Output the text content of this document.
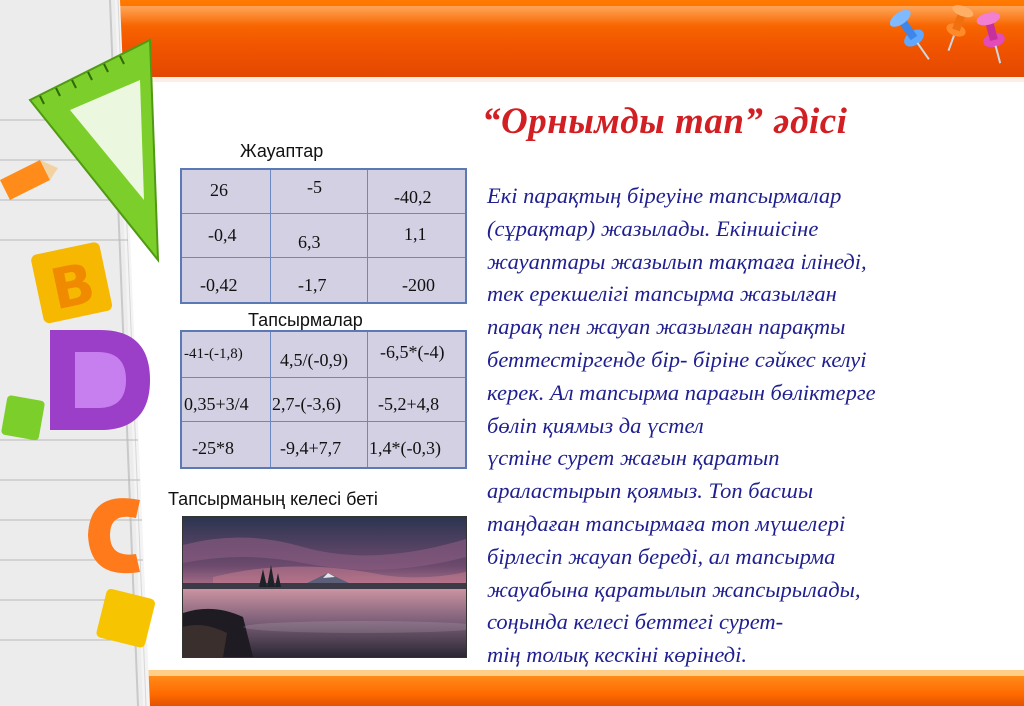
B
“Орнымды тап” әдісі
Жауаптар
26	-5	-40,2
-0,4	6,3	1,1
-0,42	-1,7	-200
Тапсырмалар
-41-(-1,8) 4,5/(-0,9) -6,5*(-4)
0,35+3/4 2,7-(-3,6) -5,2+4,8
-25*8	-9,4+7,7 1,4*(-0,3)
Тапсырманың келесі беті
Екі парақтың біреуіне тапсырмалар
(сұрақтар) жазылады. Екіншісіне
жауаптары жазылып тақтаға ілінеді,
тек ерекшелігі тапсырма жазылған
парақ пен жауап жазылған парақты
беттестіргенде бір- біріне сәйкес келуі
керек. Ал тапсырма парағын бөліктерге
бөліп қиямыз да үстел
үстіне сурет жағын қаратып
араластырып қоямыз. Топ басшы
таңдаған тапсырмаға топ мүшелері
бірлесіп жауап береді, ал тапсырма
жауабына қаратылып жапсырылады,
соңында келесі беттегі сурет-
тің толық кескіні көрінеді.
